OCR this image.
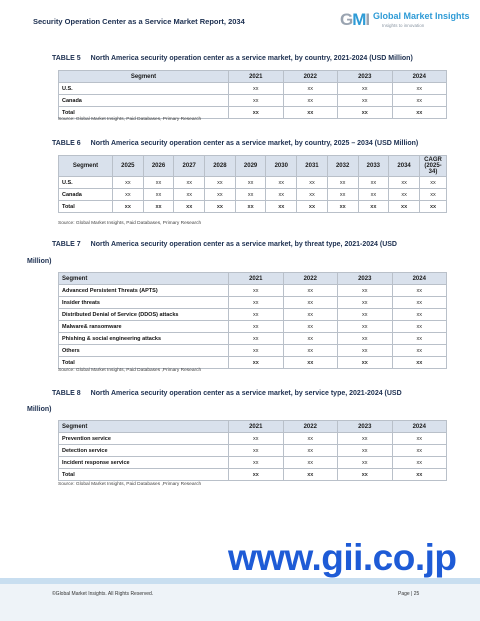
Security Operation Center as a Service Market Report, 2034	GMI Global Market Insights
Insights to innovation
TABLE 5 North America security operation center as a service market, by country, 2021-2024 (USD Million)
Segment	2021	2022	2023	2024
U.S.	xx	xx	xx	xx
Canada	xx	xx	xx	xx
Total	xx	xx	xx	xx
Source: Global Market Insights, Paid Databases, Primary Research
TABLE 6 North America security operation center as a service market, by country, 2025 – 2034 (USD Million)
Segment	2025	2026	2027	2028	2029	2030	2031	2032	2033	2034	CAGR (2025-34)
U.S.	xx	xx	xx	xx	xx	xx	xx	xx	xx	xx	xx
Canada	xx	xx	xx	xx	xx	xx	xx	xx	xx	xx	xx
Total	xx	xx	xx	xx	xx	xx	xx	xx	xx	xx	xx
Source: Global Market Insights, Paid Databases, Primary Research
TABLE 7 North America security operation center as a service market, by threat type, 2021-2024 (USD
Million)
Segment	2021	2022	2023	2024
Advanced Persistent Threats (APTS)	xx	xx	xx	xx
Insider threats	xx	xx	xx	xx
Distributed Denial of Service (DDOS) attacks	xx	xx	xx	xx
Malware& ransomware	xx	xx	xx	xx
Phishing & social engineering attacks	xx	xx	xx	xx
Others	xx	xx	xx	xx
Total	xx	xx	xx	xx
Source: Global Market Insights, Paid Databases ,Primary Research
TABLE 8 North America security operation center as a service market, by service type, 2021-2024 (USD
Million)
Segment	2021	2022	2023	2024
Prevention service	xx	xx	xx	xx
Detection service	xx	xx	xx	xx
Incident response service	xx	xx	xx	xx
Total	xx	xx	xx	xx
Source: Global Market Insights, Paid Databases ,Primary Research
www.gii.co.jp
©Global Market Insights. All Rights Reserved.	Page | 25
